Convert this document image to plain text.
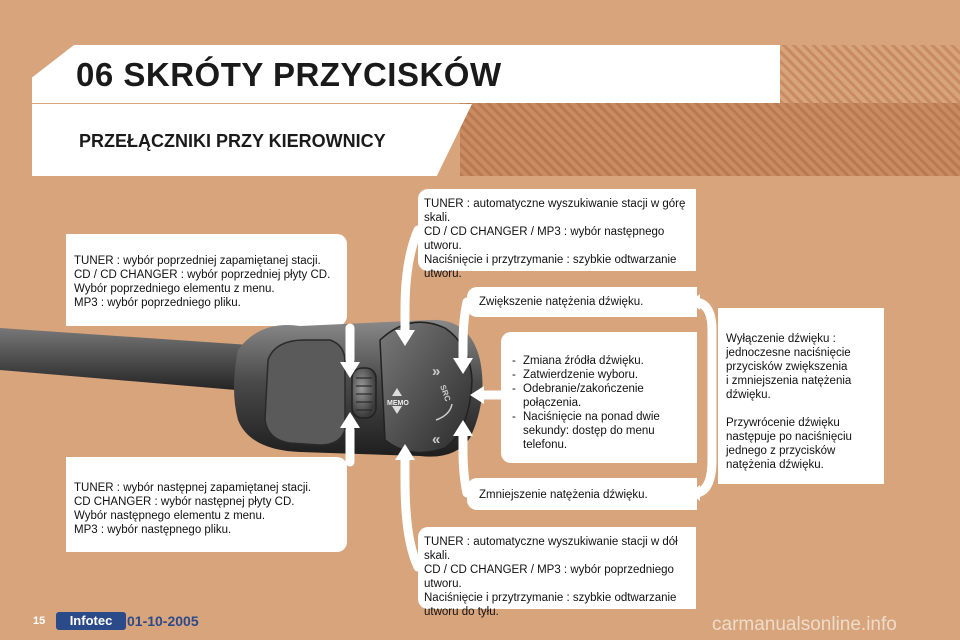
06 SKRÓTY PRZYCISKÓW
PRZEŁĄCZNIKI PRZY KIEROWNICY

TUNER : wybór poprzedniej zapamiętanej stacji.

CD / CD CHANGER : wybór poprzedniej płyty CD.

Wybór poprzedniego elementu z menu.

MP3 : wybór poprzedniego pliku.

TUNER : wybór następnej zapamiętanej stacji.

CD CHANGER : wybór następnej płyty CD.

Wybór następnego elementu z menu.

MP3 : wybór następnego pliku.

TUNER : automatyczne wyszukiwanie stacji w górę skali.

CD / CD CHANGER / MP3 : wybór następnego

utworu.

Naciśnięcie i przytrzymanie : szybkie odtwarzanie

utworu.

Zwiększenie natężenia dźwięku.

- Zmiana źródła dźwięku.
- Zatwierdzenie wyboru.
- Odebranie/zakończenie połączenia.
- Naciśnięcie na ponad dwie sekundy: dostęp do menu telefonu.

Zmniejszenie natężenia dźwięku.

TUNER : automatyczne wyszukiwanie stacji w dół skali.

CD / CD CHANGER / MP3 : wybór poprzedniego

utworu.

Naciśnięcie i przytrzymanie : szybkie odtwarzanie

utworu do tyłu.

Wyłączenie dźwięku :

jednoczesne naciśnięcie

przycisków zwiększenia

i zmniejszenia natężenia

dźwięku.

Przywrócenie dźwięku

następuje po naciśnięciu

jednego z przycisków

natężenia dźwięku.

MEMO
SRC
»
«
15	Infotec	01-10-2005	carmanualsonline.info
